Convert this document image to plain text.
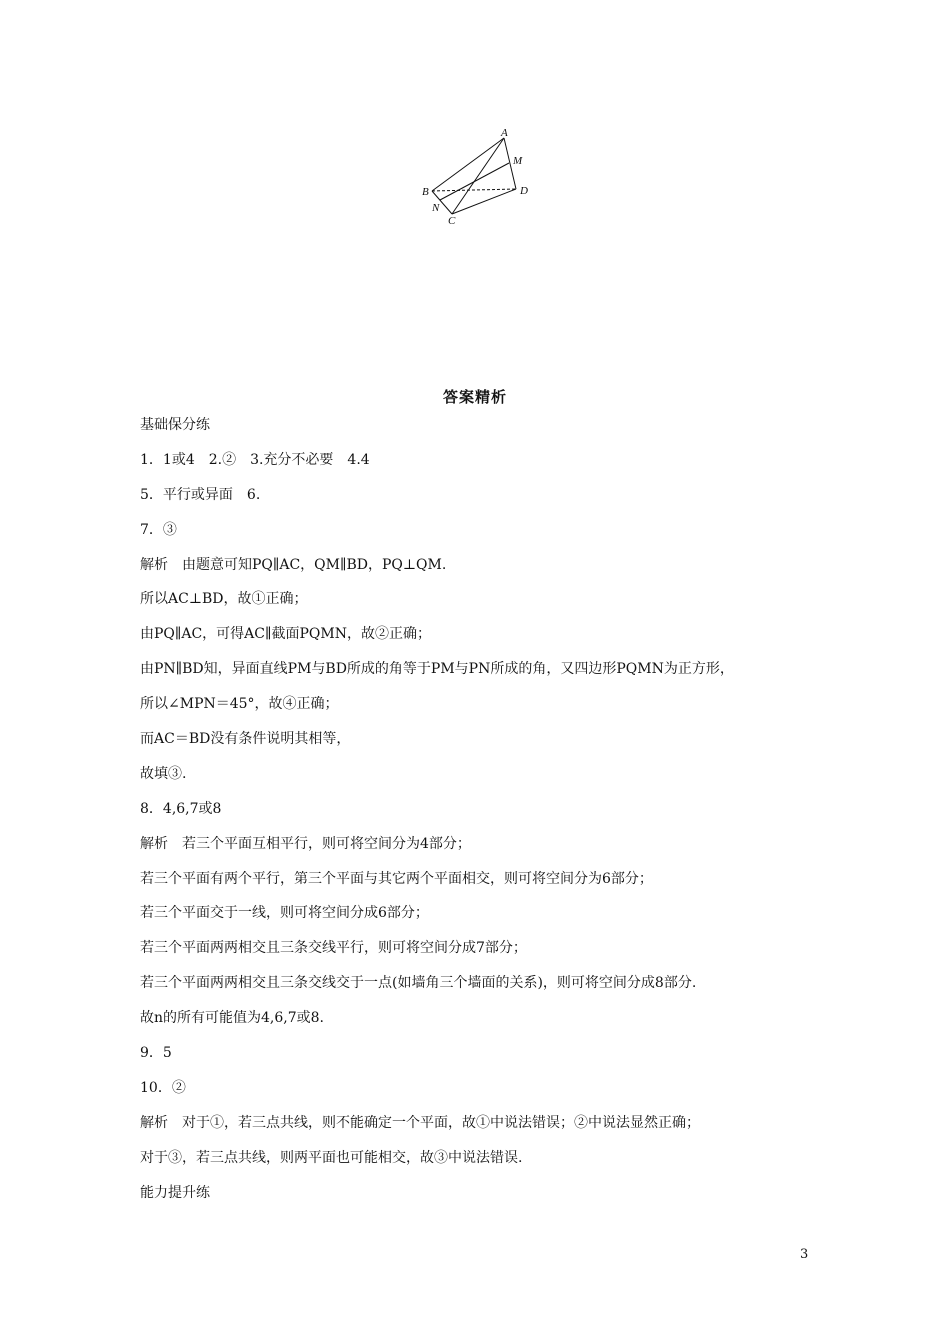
A
M
B	D
N
C
答案精析
基础保分练
1．1或4　2.②　3.充分不必要　4.4
5．平行或异面　6.
7．③
解析　由题意可知PQ∥AC，QM∥BD，PQ⊥QM.
所以AC⊥BD，故①正确；
由PQ∥AC，可得AC∥截面PQMN，故②正确；
由PN∥BD知，异面直线PM与BD所成的角等于PM与PN所成的角，又四边形PQMN为正方形，
所以∠MPN＝45°，故④正确；
而AC＝BD没有条件说明其相等，
故填③.
8．4,6,7或8
解析　若三个平面互相平行，则可将空间分为4部分；
若三个平面有两个平行，第三个平面与其它两个平面相交，则可将空间分为6部分；
若三个平面交于一线，则可将空间分成6部分；
若三个平面两两相交且三条交线平行，则可将空间分成7部分；
若三个平面两两相交且三条交线交于一点(如墙角三个墙面的关系)，则可将空间分成8部分.
故n的所有可能值为4,6,7或8.
9．5
10．②
解析　对于①，若三点共线，则不能确定一个平面，故①中说法错误；②中说法显然正确；
对于③，若三点共线，则两平面也可能相交，故③中说法错误.
能力提升练
3
